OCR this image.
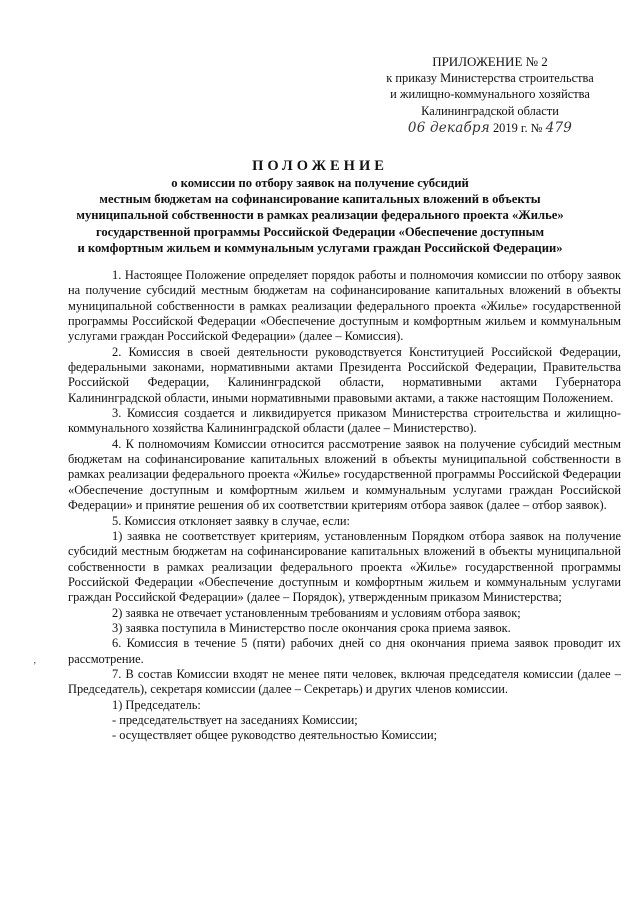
ПРИЛОЖЕНИЕ № 2
к приказу Министерства строительства
и жилищно-коммунального хозяйства
Калининградской области
06 декабря 2019 г. № 479
ПОЛОЖЕНИЕ
о комиссии по отбору заявок на получение субсидий
местным бюджетам на софинансирование капитальных вложений в объекты
муниципальной собственности в рамках реализации федерального проекта «Жилье»
государственной программы Российской Федерации «Обеспечение доступным
и комфортным жильем и коммунальным услугами граждан Российской Федерации»

1. Настоящее Положение определяет порядок работы и полномочия комиссии по отбору заявок на получение субсидий местным бюджетам на софинансирование капитальных вложений в объекты муниципальной собственности в рамках реализации федерального проекта «Жилье» государственной программы Российской Федерации «Обеспечение доступным и комфортным жильем и коммунальным услугами граждан Российской Федерации» (далее – Комиссия).

2. Комиссия в своей деятельности руководствуется Конституцией Российской Федерации, федеральными законами, нормативными актами Президента Российской Федерации, Правительства Российской Федерации, Калининградской области, нормативными актами Губернатора Калининградской области, иными нормативными правовыми актами, а также настоящим Положением.

3. Комиссия создается и ликвидируется приказом Министерства строительства и жилищно-коммунального хозяйства Калининградской области (далее – Министерство).

4. К полномочиям Комиссии относится рассмотрение заявок на получение субсидий местным бюджетам на софинансирование капитальных вложений в объекты муниципальной собственности в рамках реализации федерального проекта «Жилье» государственной программы Российской Федерации «Обеспечение доступным и комфортным жильем и коммунальным услугами граждан Российской Федерации» и принятие решения об их соответствии критериям отбора заявок (далее – отбор заявок).

5. Комиссия отклоняет заявку в случае, если:

1) заявка не соответствует критериям, установленным Порядком отбора заявок на получение субсидий местным бюджетам на софинансирование капитальных вложений в объекты муниципальной собственности в рамках реализации федерального проекта «Жилье» государственной программы Российской Федерации «Обеспечение доступным и комфортным жильем и коммунальным услугами граждан Российской Федерации» (далее – Порядок), утвержденным приказом Министерства;

2) заявка не отвечает установленным требованиям и условиям отбора заявок;

3) заявка поступила в Министерство после окончания срока приема заявок.

6. Комиссия в течение 5 (пяти) рабочих дней со дня окончания приема заявок проводит их рассмотрение.

7. В состав Комиссии входят не менее пяти человек, включая председателя комиссии (далее – Председатель), секретаря комиссии (далее – Секретарь) и других членов комиссии.

1) Председатель:

- председательствует на заседаниях Комиссии;

- осуществляет общее руководство деятельностью Комиссии;

’
